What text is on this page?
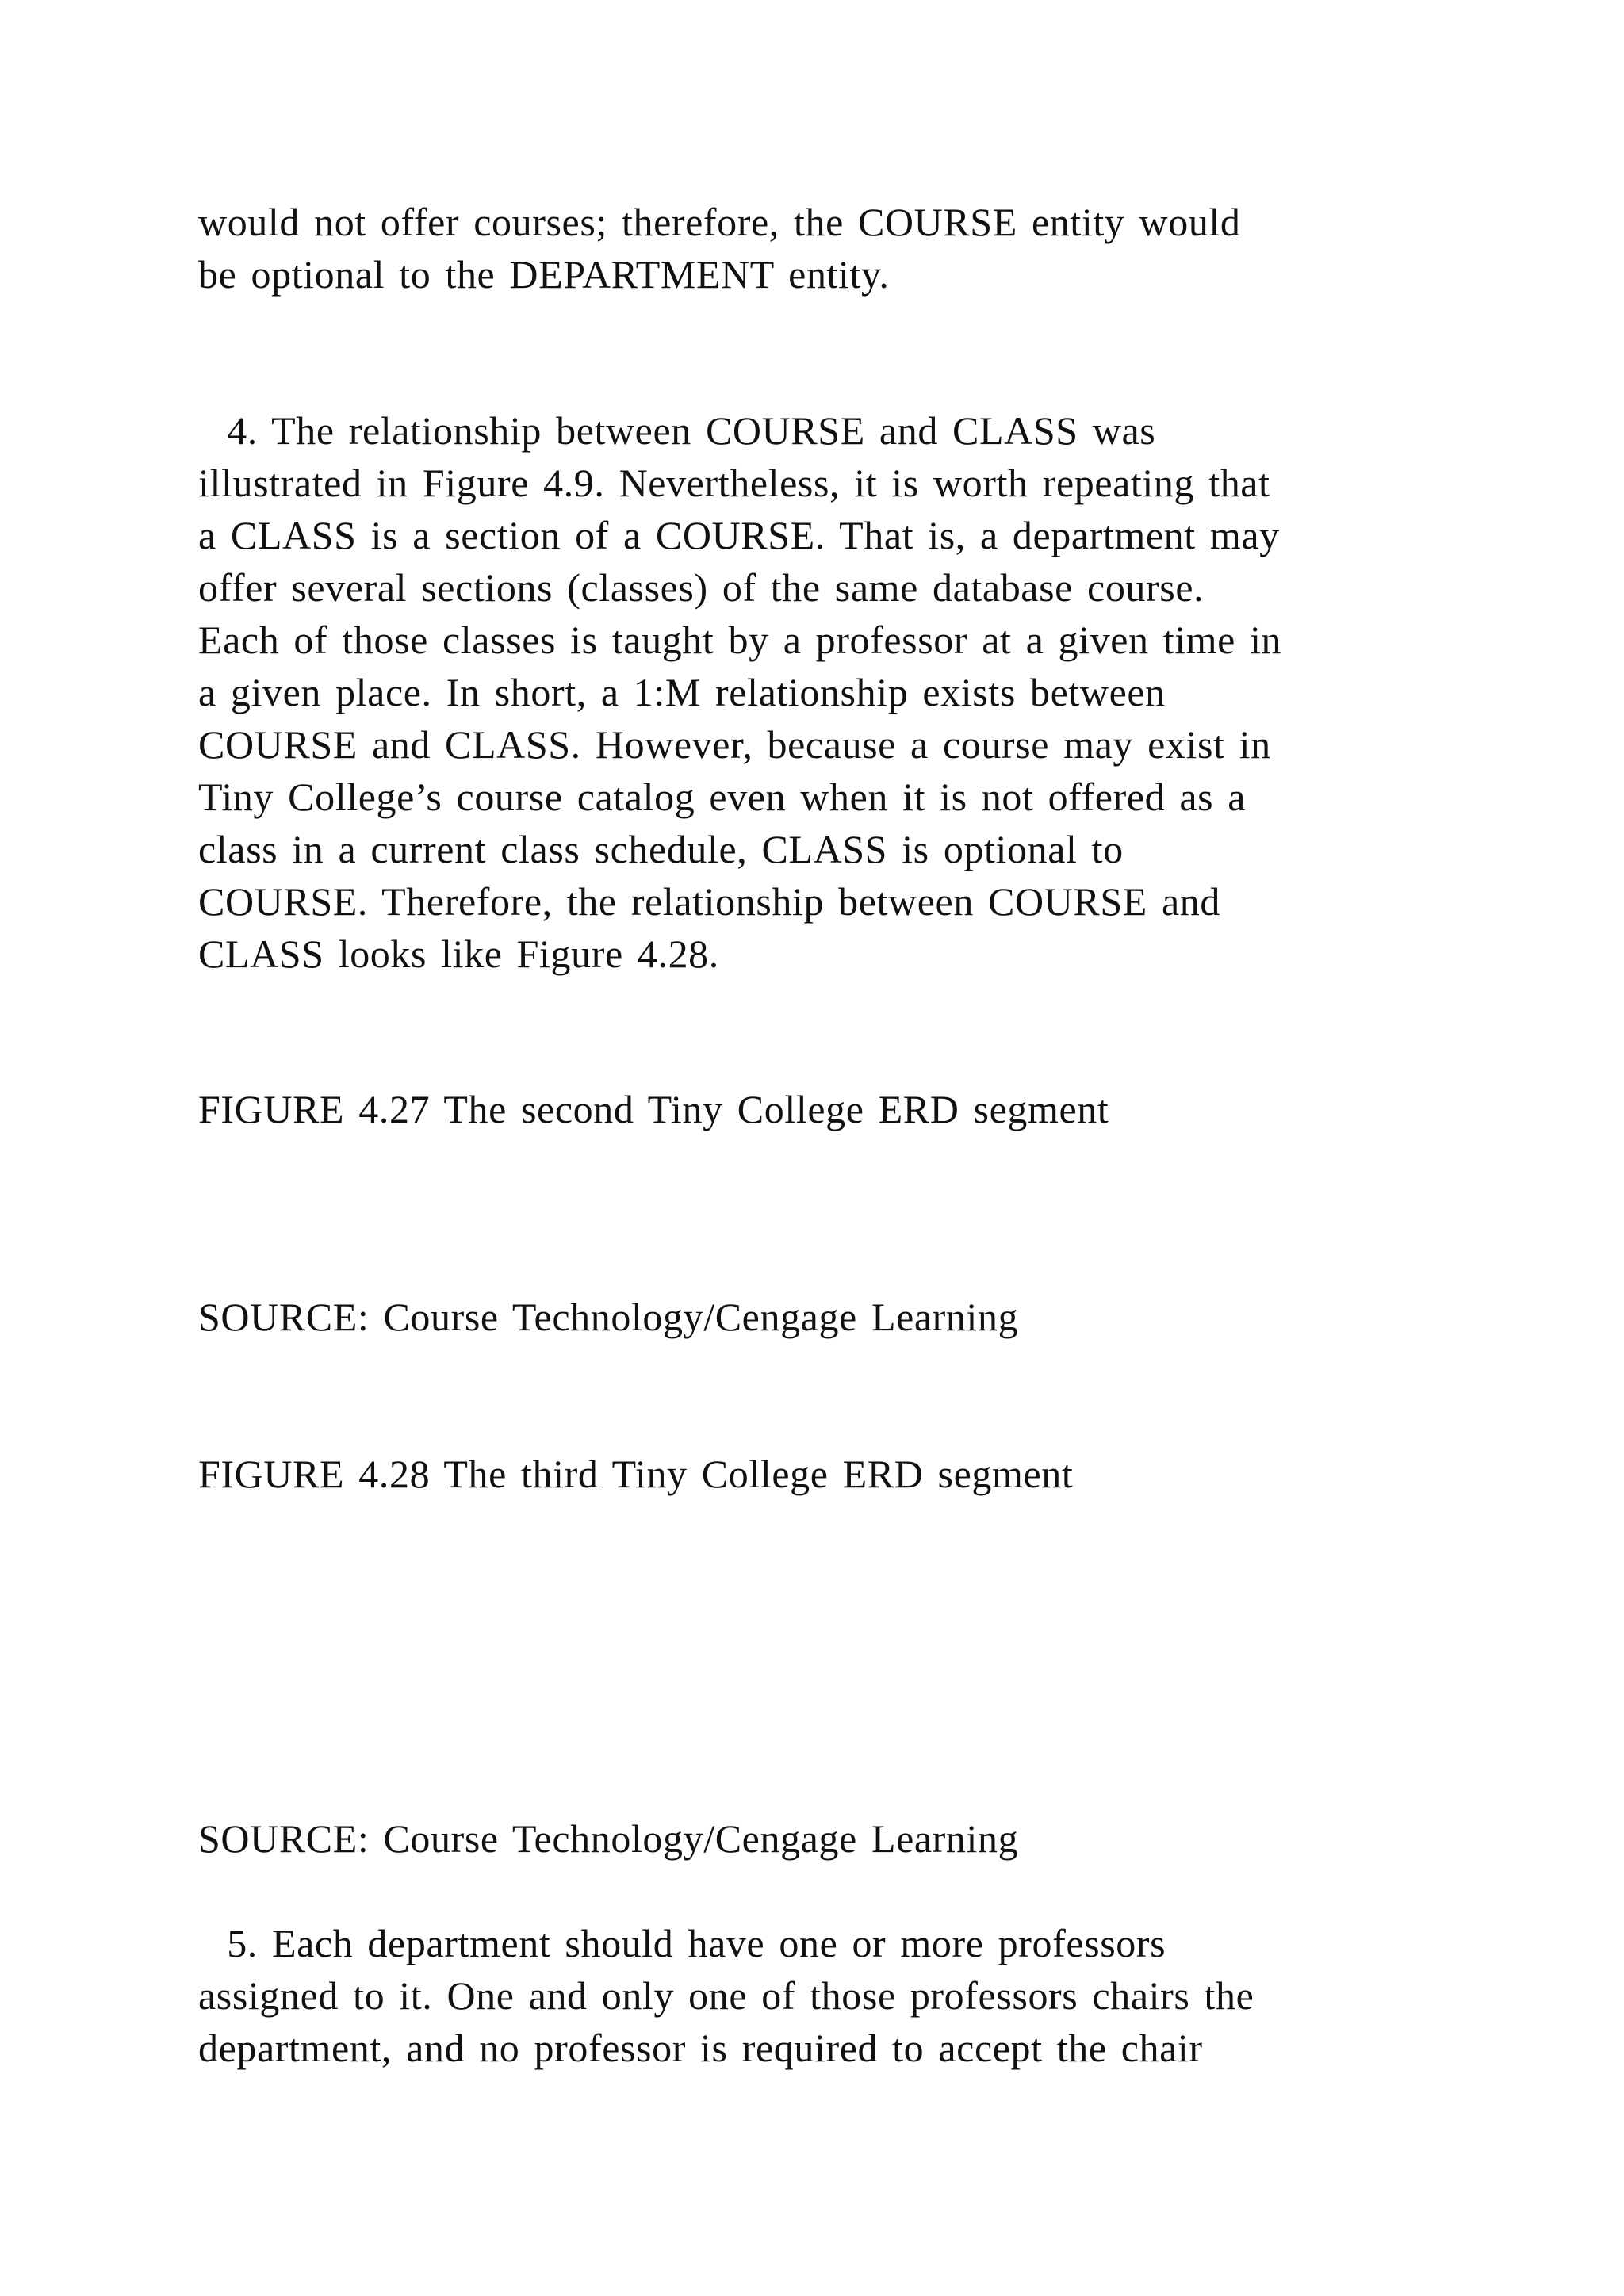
would not offer courses; therefore, the COURSE entity would
be optional to the DEPARTMENT entity.
4. The relationship between COURSE and CLASS was
illustrated in Figure 4.9. Nevertheless, it is worth repeating that
a CLASS is a section of a COURSE. That is, a department may
offer several sections (classes) of the same database course.
Each of those classes is taught by a professor at a given time in
a given place. In short, a 1:M relationship exists between
COURSE and CLASS. However, because a course may exist in
Tiny College’s course catalog even when it is not offered as a
class in a current class schedule, CLASS is optional to
COURSE. Therefore, the relationship between COURSE and
CLASS looks like Figure 4.28.
FIGURE 4.27 The second Tiny College ERD segment
SOURCE: Course Technology/Cengage Learning
FIGURE 4.28 The third Tiny College ERD segment
SOURCE: Course Technology/Cengage Learning
5. Each department should have one or more professors
assigned to it. One and only one of those professors chairs the
department, and no professor is required to accept the chair
